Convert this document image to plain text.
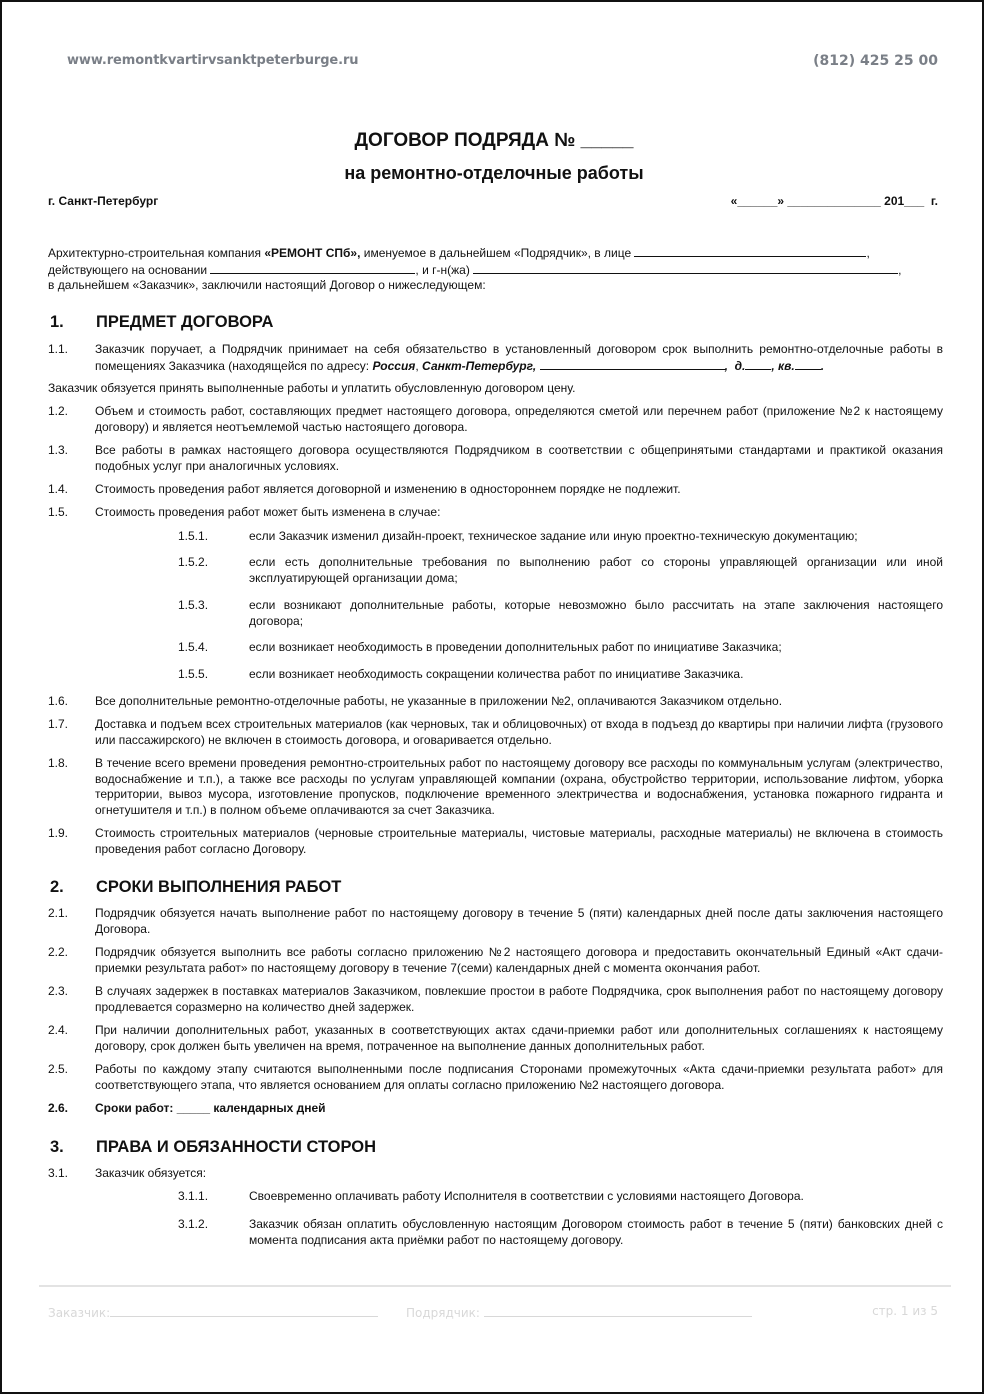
www.remontkvartirvsanktpeterburge.ru	(812) 425 25 00
ДОГОВОР ПОДРЯДА № _____
на ремонтно-отделочные работы
г. Санкт-Петербург	«______» ______________ 201___  г.

Архитектурно-строительная компания «РЕМОНТ СПб», именуемое в дальнейшем «Подрядчик», в лице	,

действующего на основании	, и г-н(жа)	,

в дальнейшем «Заказчик», заключили настоящий Договор о нижеследующем:

1. ПРЕДМЕТ ДОГОВОРА
1.1. Заказчик поручает, а Подрядчик принимает на себя обязательство в установленный договором срок выполнить ремонтно-отделочные работы в помещениях Заказчика (находящейся по адресу: Россия, Санкт-Петербург,	, д. , кв. .
Заказчик обязуется принять выполненные работы и уплатить обусловленную договором цену.
1.2. Объем и стоимость работ, составляющих предмет настоящего договора, определяются сметой или перечнем работ (приложение №2 к настоящему договору) и является неотъемлемой частью настоящего договора.
1.3. Все работы в рамках настоящего договора осуществляются Подрядчиком в соответствии с общепринятыми стандартами и практикой оказания подобных услуг при аналогичных условиях.
1.4. Стоимость проведения работ является договорной и изменению в одностороннем порядке не подлежит.
1.5. Стоимость проведения работ может быть изменена в случае:
1.5.1.	если Заказчик изменил дизайн-проект, техническое задание или иную проектно-техническую документацию;
1.5.2.	если есть дополнительные требования по выполнению работ со стороны управляющей организации или иной эксплуатирующей организации дома;
1.5.3.	если возникают дополнительные работы, которые невозможно было рассчитать на этапе заключения настоящего договора;
1.5.4.	если возникает необходимость в проведении дополнительных работ по инициативе Заказчика;
1.5.5.	если возникает необходимость сокращении количества работ по инициативе Заказчика.
1.6. Все дополнительные ремонтно-отделочные работы, не указанные в приложении №2, оплачиваются Заказчиком отдельно.
1.7. Доставка и подъем всех строительных материалов (как черновых, так и облицовочных) от входа в подъезд до квартиры при наличии лифта (грузового или пассажирского) не включен в стоимость договора, и оговаривается отдельно.
1.8. В течение всего времени проведения ремонтно-строительных работ по настоящему договору все расходы по коммунальным услугам (электричество, водоснабжение и т.п.), а также все расходы по услугам управляющей компании (охрана, обустройство территории, использование лифтом, уборка территории, вывоз мусора, изготовление пропусков, подключение временного электричества и водоснабжения, установка пожарного гидранта и огнетушителя и т.п.) в полном объеме оплачиваются за счет Заказчика.
1.9. Стоимость строительных материалов (черновые строительные материалы, чистовые материалы, расходные материалы) не включена в стоимость проведения работ согласно Договору.
2. СРОКИ ВЫПОЛНЕНИЯ РАБОТ
2.1. Подрядчик обязуется начать выполнение работ по настоящему договору в течение 5 (пяти) календарных дней после даты заключения настоящего Договора.
2.2. Подрядчик обязуется выполнить все работы согласно приложению №2 настоящего договора и предоставить окончательный Единый «Акт сдачи-приемки результата работ» по настоящему договору в течение 7(семи) календарных дней с момента окончания работ.
2.3. В случаях задержек в поставках материалов Заказчиком, повлекшие простои в работе Подрядчика, срок выполнения работ по настоящему договору продлевается соразмерно на количество дней задержек.
2.4. При наличии дополнительных работ, указанных в соответствующих актах сдачи-приемки работ или дополнительных соглашениях к настоящему договору, срок должен быть увеличен на время, потраченное на выполнение данных дополнительных работ.
2.5. Работы по каждому этапу считаются выполненными после подписания Сторонами промежуточных «Акта сдачи-приемки результата работ» для соответствующего этапа, что является основанием для оплаты согласно приложению №2 настоящего договора.
2.6. Сроки работ: _____ календарных дней
3. ПРАВА И ОБЯЗАННОСТИ СТОРОН
3.1. Заказчик обязуется:
3.1.1.	Своевременно оплачивать работу Исполнителя в соответствии с условиями настоящего Договора.
3.1.2.	Заказчик обязан оплатить обусловленную настоящим Договором стоимость работ в течение 5 (пяти) банковских дней с момента подписания акта приёмки работ по настоящему договору.
Заказчик:	Подрядчик:	стр. 1 из 5
